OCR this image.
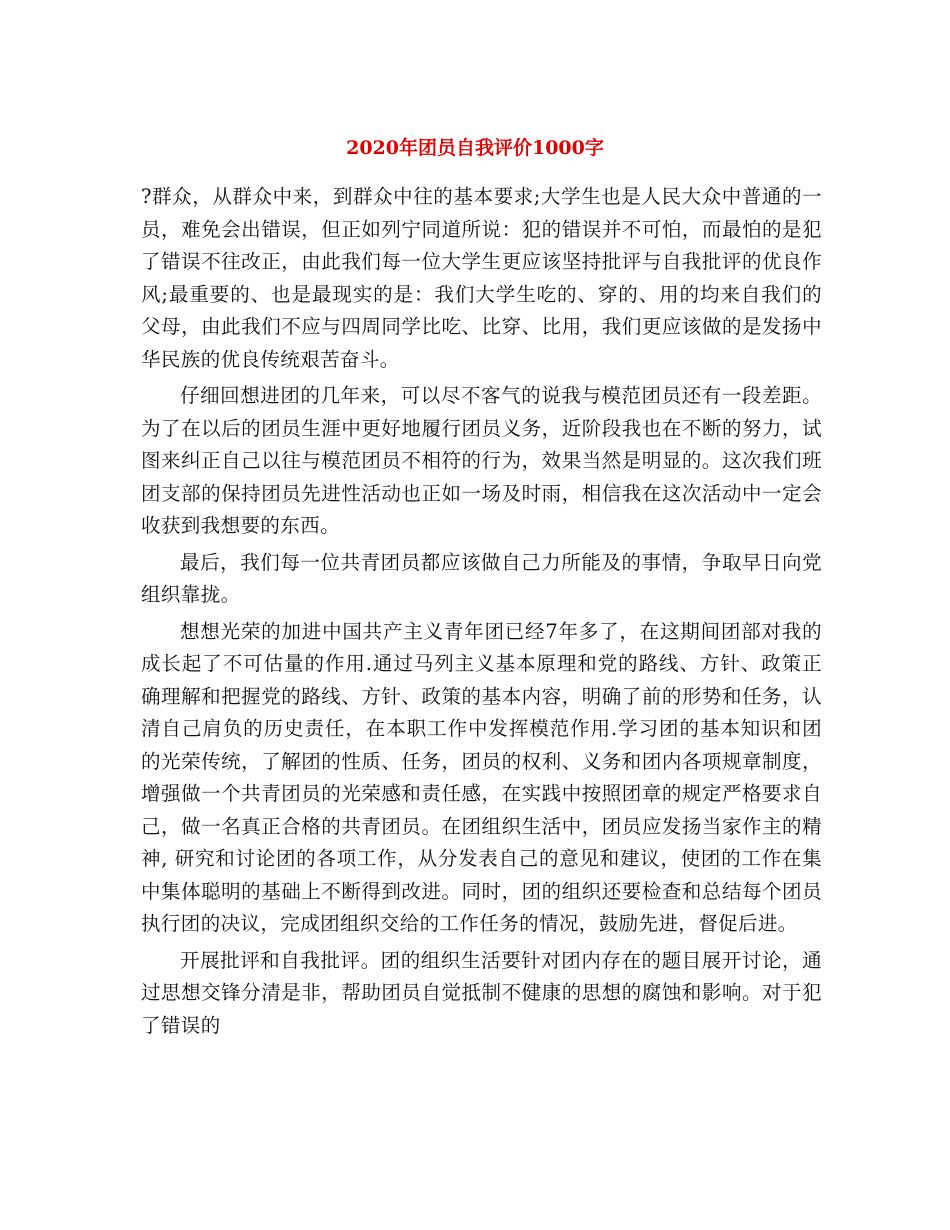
2020年团员自我评价1000字

?群众，从群众中来，到群众中往的基本要求;大学生也是人民大众中普通的一员，难免会出错误，但正如列宁同道所说：犯的错误并不可怕，而最怕的是犯了错误不往改正，由此我们每一位大学生更应该坚持批评与自我批评的优良作风;最重要的、也是最现实的是：我们大学生吃的、穿的、用的均来自我们的父母，由此我们不应与四周同学比吃、比穿、比用，我们更应该做的是发扬中华民族的优良传统艰苦奋斗。

仔细回想进团的几年来，可以尽不客气的说我与模范团员还有一段差距。为了在以后的团员生涯中更好地履行团员义务，近阶段我也在不断的努力，试图来纠正自己以往与模范团员不相符的行为，效果当然是明显的。这次我们班团支部的保持团员先进性活动也正如一场及时雨，相信我在这次活动中一定会收获到我想要的东西。

最后，我们每一位共青团员都应该做自己力所能及的事情，争取早日向党组织靠拢。

想想光荣的加进中国共产主义青年团已经7年多了，在这期间团部对我的成长起了不可估量的作用.通过马列主义基本原理和党的路线、方针、政策正确理解和把握党的路线、方针、政策的基本内容，明确了前的形势和任务，认清自己肩负的历史责任，在本职工作中发挥模范作用.学习团的基本知识和团的光荣传统，了解团的性质、任务，团员的权利、义务和团内各项规章制度，增强做一个共青团员的光荣感和责任感，在实践中按照团章的规定严格要求自己，做一名真正合格的共青团员。在团组织生活中，团员应发扬当家作主的精神, 研究和讨论团的各项工作，从分发表自己的意见和建议，使团的工作在集中集体聪明的基础上不断得到改进。同时，团的组织还要检查和总结每个团员执行团的决议，完成团组织交给的工作任务的情况，鼓励先进，督促后进。

开展批评和自我批评。团的组织生活要针对团内存在的题目展开讨论，通过思想交锋分清是非，帮助团员自觉抵制不健康的思想的腐蚀和影响。对于犯了错误的
